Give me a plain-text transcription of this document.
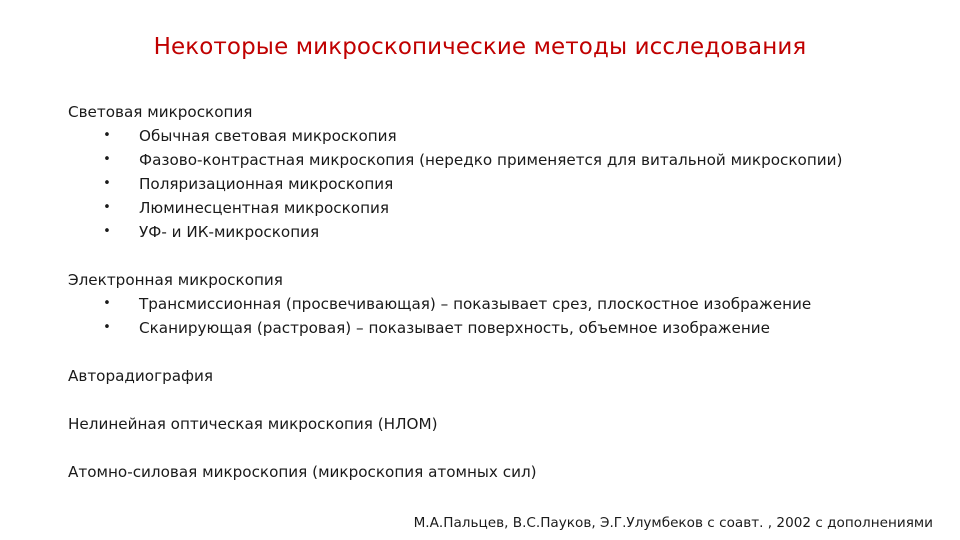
Некоторые микроскопические методы исследования
Световая микроскопия
• Обычная световая микроскопия
• Фазово-контрастная микроскопия (нередко применяется для витальной микроскопии)
• Поляризационная микроскопия
• Люминесцентная микроскопия
• УФ- и ИК-микроскопия
Электронная микроскопия
• Трансмиссионная (просвечивающая) – показывает срез, плоскостное изображение
• Сканирующая (растровая) – показывает поверхность, объемное изображение
Авторадиография
Нелинейная оптическая микроскопия (НЛОМ)
Атомно-силовая микроскопия (микроскопия атомных сил)
М.А.Пальцев, В.С.Пауков, Э.Г.Улумбеков с соавт. , 2002 с дополнениями
